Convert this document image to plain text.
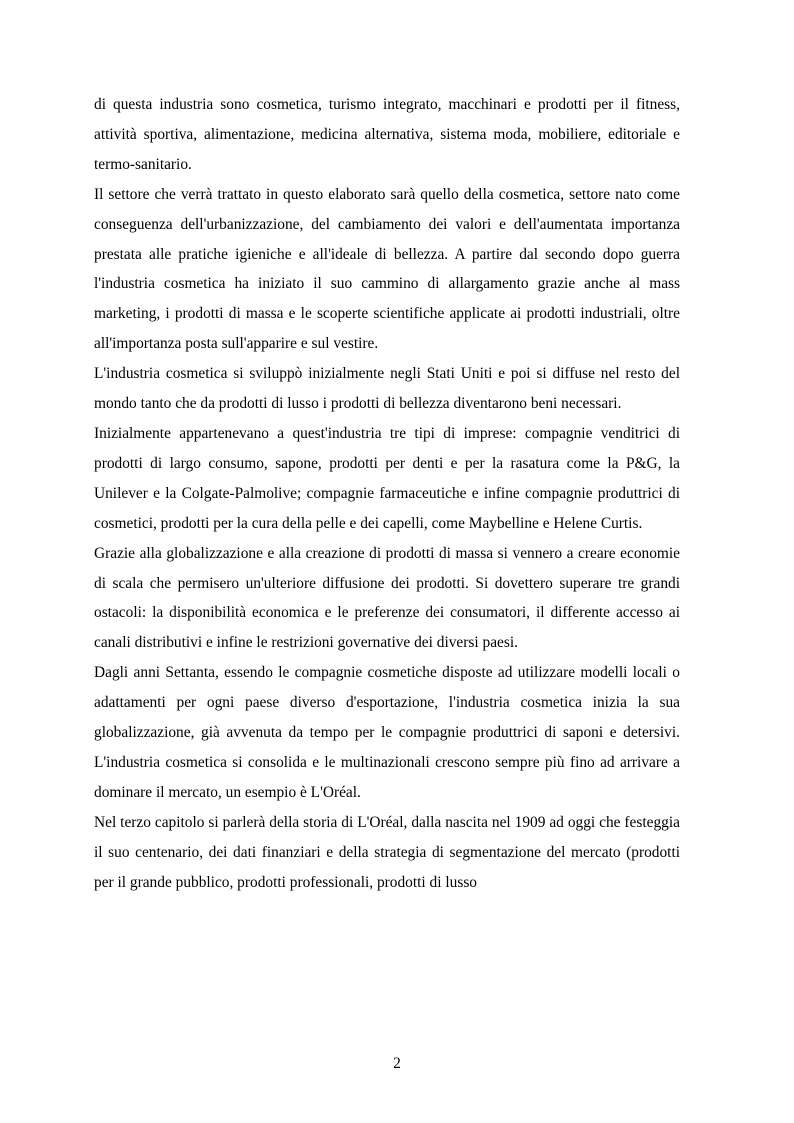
di questa industria sono cosmetica, turismo integrato, macchinari e prodotti per il fitness, attività sportiva, alimentazione, medicina alternativa, sistema moda, mobiliere, editoriale e termo-sanitario.

Il settore che verrà trattato in questo elaborato sarà quello della cosmetica, settore nato come conseguenza dell'urbanizzazione, del cambiamento dei valori e dell'aumentata importanza prestata alle pratiche igieniche e all'ideale di bellezza. A partire dal secondo dopo guerra l'industria cosmetica ha iniziato il suo cammino di allargamento grazie anche al mass marketing, i prodotti di massa e le scoperte scientifiche applicate ai prodotti industriali, oltre all'importanza posta sull'apparire e sul vestire.

L'industria cosmetica si sviluppò inizialmente negli Stati Uniti e poi si diffuse nel resto del mondo tanto che da prodotti di lusso i prodotti di bellezza diventarono beni necessari.

Inizialmente appartenevano a quest'industria tre tipi di imprese: compagnie venditrici di prodotti di largo consumo, sapone, prodotti per denti e per la rasatura come la P&G, la Unilever e la Colgate-Palmolive; compagnie farmaceutiche e infine compagnie produttrici di cosmetici, prodotti per la cura della pelle e dei capelli, come Maybelline e Helene Curtis.

Grazie alla globalizzazione e alla creazione di prodotti di massa si vennero a creare economie di scala che permisero un'ulteriore diffusione dei prodotti. Si dovettero superare tre grandi ostacoli: la disponibilità economica e le preferenze dei consumatori, il differente accesso ai canali distributivi e infine le restrizioni governative dei diversi paesi.

Dagli anni Settanta, essendo le compagnie cosmetiche disposte ad utilizzare modelli locali o adattamenti per ogni paese diverso d'esportazione, l'industria cosmetica inizia la sua globalizzazione, già avvenuta da tempo per le compagnie produttrici di saponi e detersivi. L'industria cosmetica si consolida e le multinazionali crescono sempre più fino ad arrivare a dominare il mercato, un esempio è L'Oréal.

Nel terzo capitolo si parlerà della storia di L'Oréal, dalla nascita nel 1909 ad oggi che festeggia il suo centenario, dei dati finanziari e della strategia di segmentazione del mercato (prodotti per il grande pubblico, prodotti professionali, prodotti di lusso

2
